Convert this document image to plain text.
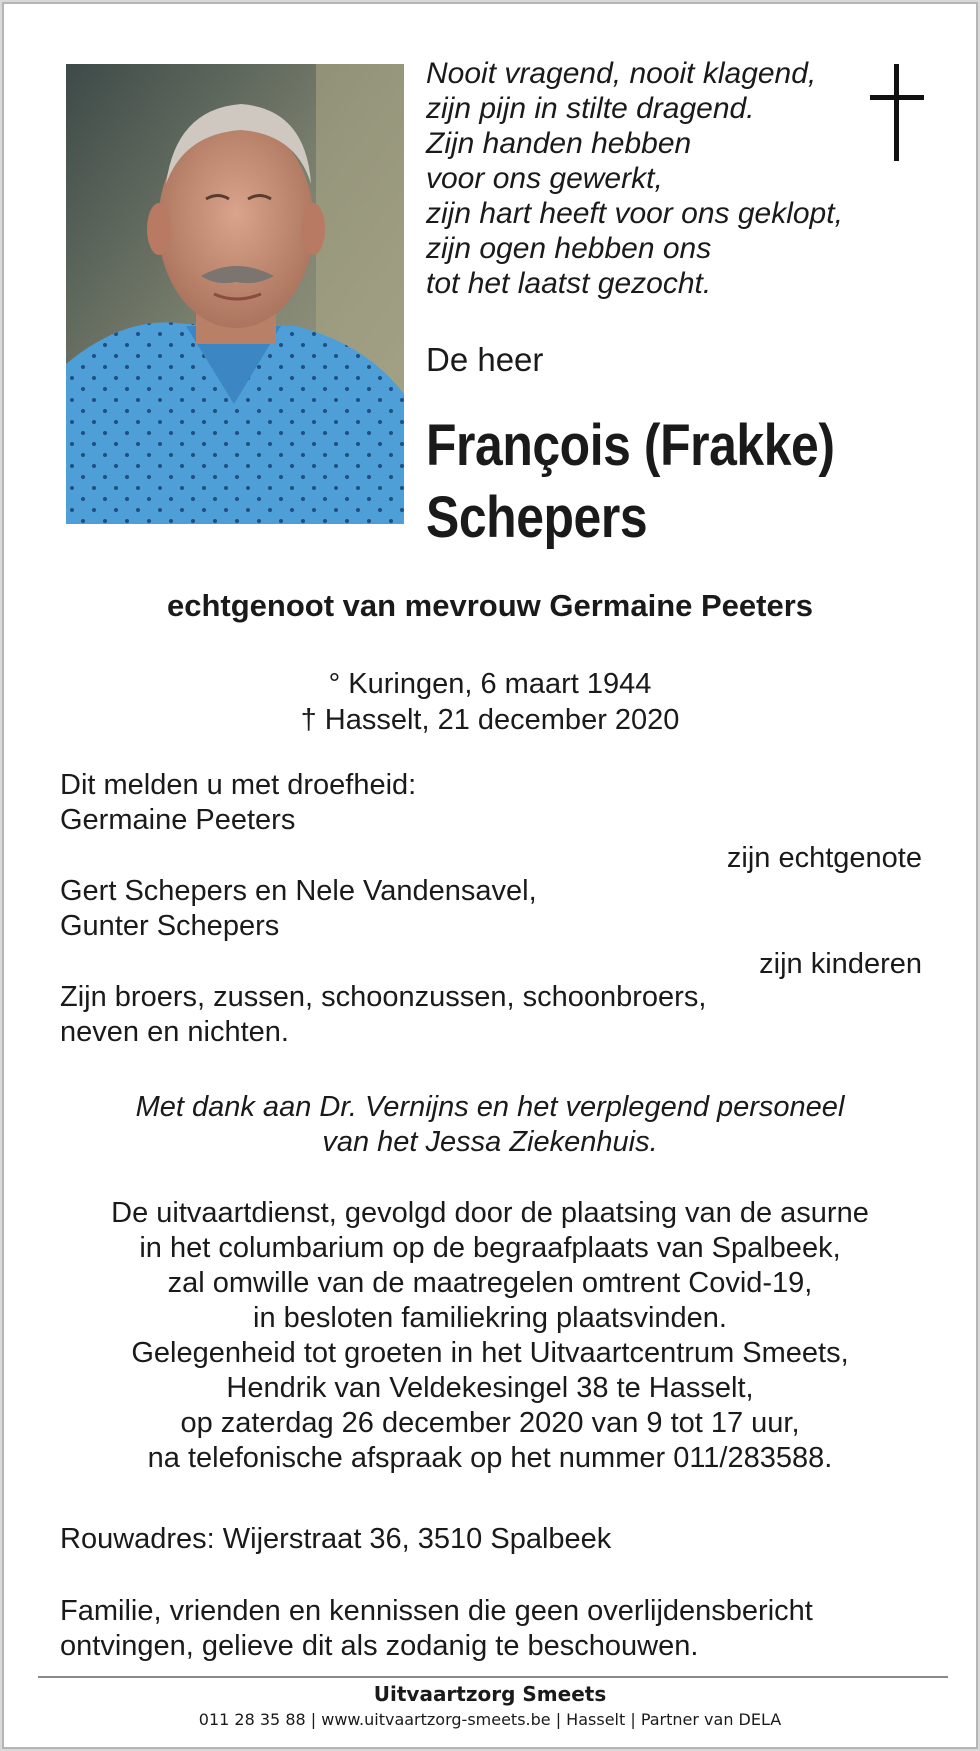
Nooit vragend, nooit klagend,
zijn pijn in stilte dragend.
Zijn handen hebben
voor ons gewerkt,
zijn hart heeft voor ons geklopt,
zijn ogen hebben ons
tot het laatst gezocht.
De heer
François (Frakke)
Schepers
echtgenoot van mevrouw Germaine Peeters
° Kuringen, 6 maart 1944
† Hasselt, 21 december 2020
Dit melden u met droefheid:
Germaine Peeters
zijn echtgenote
Gert Schepers en Nele Vandensavel,
Gunter Schepers
zijn kinderen
Zijn broers, zussen, schoonzussen, schoonbroers,
neven en nichten.
Met dank aan Dr. Vernijns en het verplegend personeel
van het Jessa Ziekenhuis.
De uitvaartdienst, gevolgd door de plaatsing van de asurne
in het columbarium op de begraafplaats van Spalbeek,
zal omwille van de maatregelen omtrent Covid-19,
in besloten familiekring plaatsvinden.
Gelegenheid tot groeten in het Uitvaartcentrum Smeets,
Hendrik van Veldekesingel 38 te Hasselt,
op zaterdag 26 december 2020 van 9 tot 17 uur,
na telefonische afspraak op het nummer 011/283588.
Rouwadres: Wijerstraat 36, 3510 Spalbeek
Familie, vrienden en kennissen die geen overlijdensbericht
ontvingen, gelieve dit als zodanig te beschouwen.
Uitvaartzorg Smeets
011 28 35 88 | www.uitvaartzorg-smeets.be | Hasselt | Partner van DELA
